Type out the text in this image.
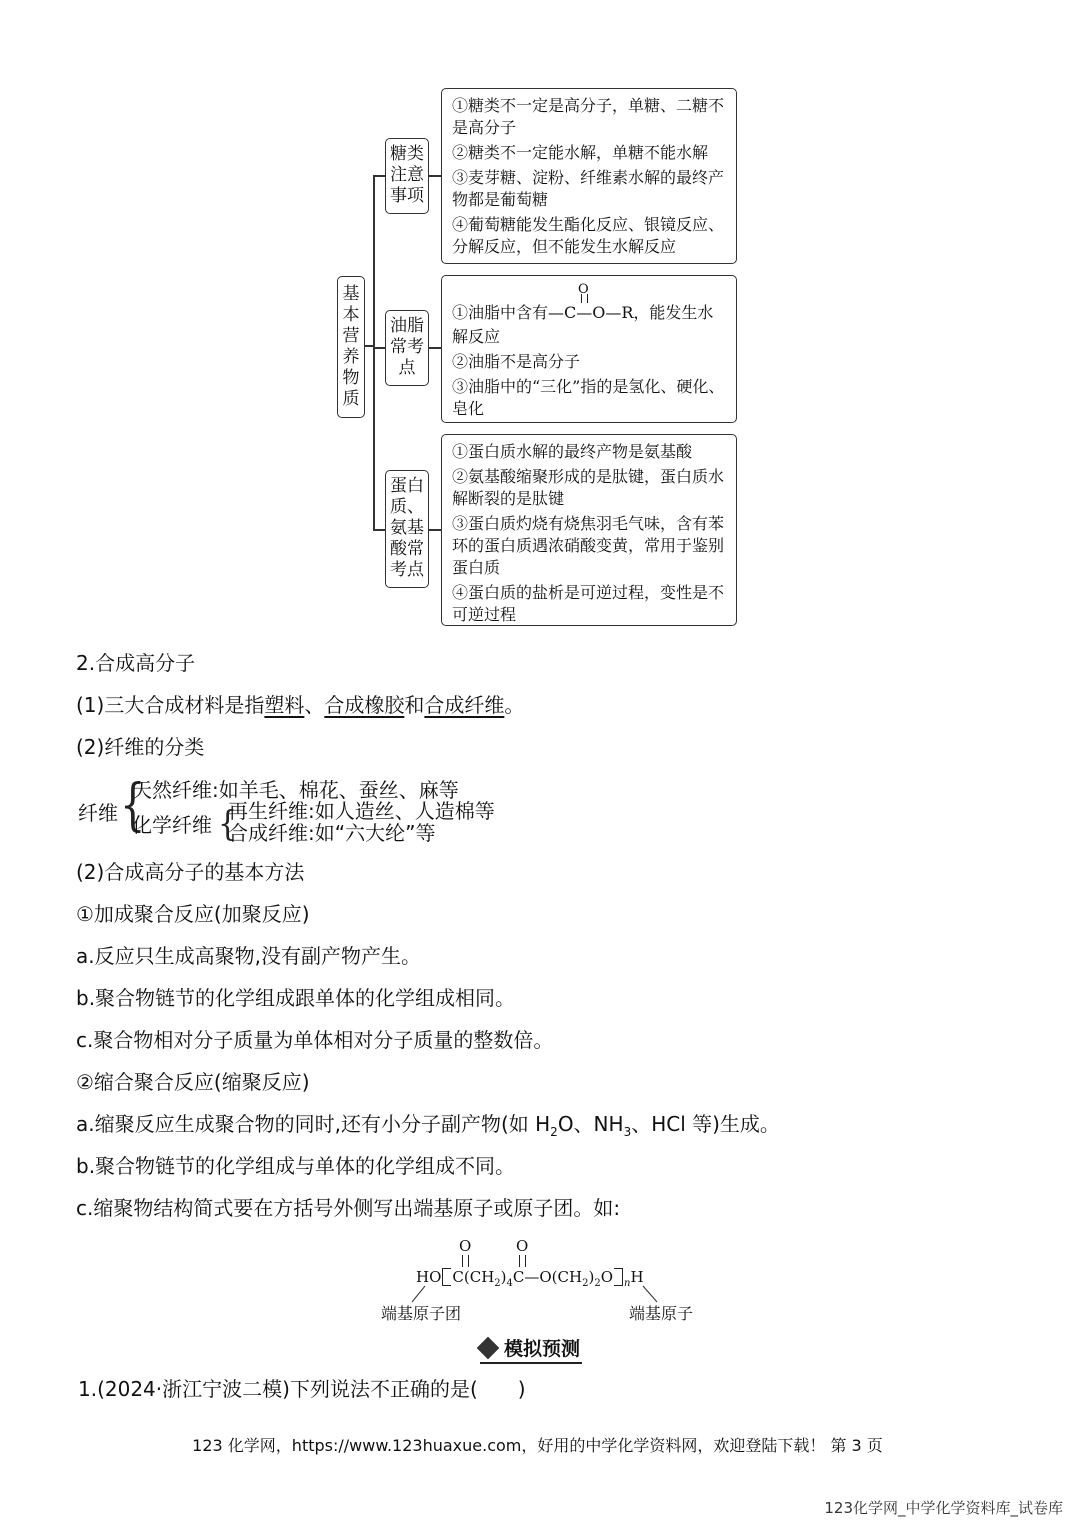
基本营养物质
糖类注意事项
油脂常考点
蛋白质、氨基酸常考点

①糖类不一定是高分子，单糖、二糖不是高分子

②糖类不一定能水解，单糖不能水解

③麦芽糖、淀粉、纤维素水解的最终产物都是葡萄糖

④葡萄糖能发生酯化反应、银镜反应、分解反应，但不能发生水解反应

O
①油脂中含有—C—O—R，能发生水

解反应

②油脂不是高分子

③油脂中的“三化”指的是氢化、硬化、皂化

①蛋白质水解的最终产物是氨基酸

②氨基酸缩聚形成的是肽键，蛋白质水解断裂的是肽键

③蛋白质灼烧有烧焦羽毛气味，含有苯环的蛋白质遇浓硝酸变黄，常用于鉴别蛋白质

④蛋白质的盐析是可逆过程，变性是不可逆过程

2.合成高分子
(1)三大合成材料是指塑料、合成橡胶和合成纤维。
(2)纤维的分类
纤维 {
天然纤维:如羊毛、棉花、蚕丝、麻等
化学纤维 {
再生纤维:如人造丝、人造棉等
合成纤维:如“六大纶”等
(2)合成高分子的基本方法
①加成聚合反应(加聚反应)
a.反应只生成高聚物,没有副产物产生。
b.聚合物链节的化学组成跟单体的化学组成相同。
c.聚合物相对分子质量为单体相对分子质量的整数倍。
②缩合聚合反应(缩聚反应)
a.缩聚反应生成聚合物的同时,还有小分子副产物(如 $H_2O$、$NH_3$、HCl 等)生成。
b.聚合物链节的化学组成与单体的化学组成不同。
c.缩聚物结构简式要在方括号外侧写出端基原子或原子团。如:
O	O
HO $C(CH_2)_4C—O(CH_2)_2O$ $_n$H
端基原子团	端基原子
模拟预测
1.(2024·浙江宁波二模)下列说法不正确的是(　　)
123 化学网，https://www.123huaxue.com，好用的中学化学资料网，欢迎登陆下载！ 第 3 页
123化学网_中学化学资料库_试卷库
